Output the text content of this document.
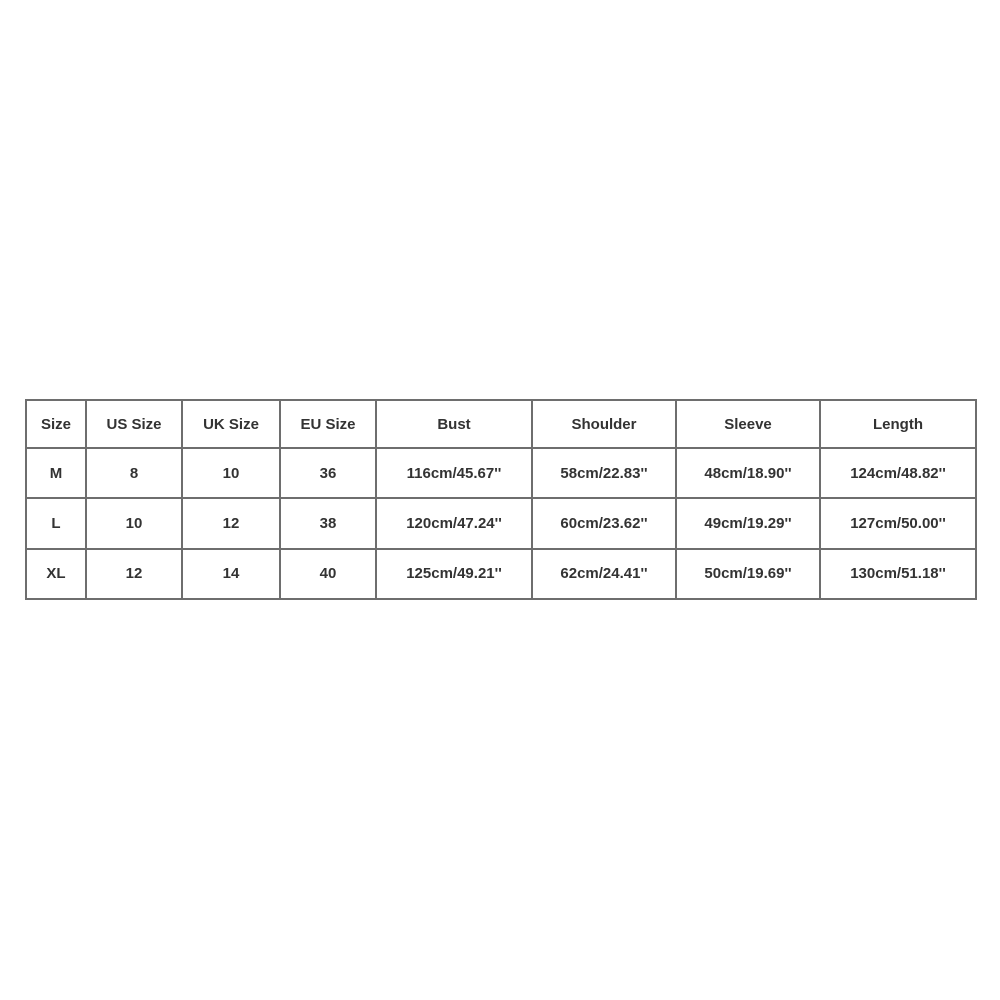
Size	US Size	UK Size	EU Size	Bust	Shoulder	Sleeve	Length
M	8	10	36	116cm/45.67''	58cm/22.83''	48cm/18.90''	124cm/48.82''
L	10	12	38	120cm/47.24''	60cm/23.62''	49cm/19.29''	127cm/50.00''
XL	12	14	40	125cm/49.21''	62cm/24.41''	50cm/19.69''	130cm/51.18''
